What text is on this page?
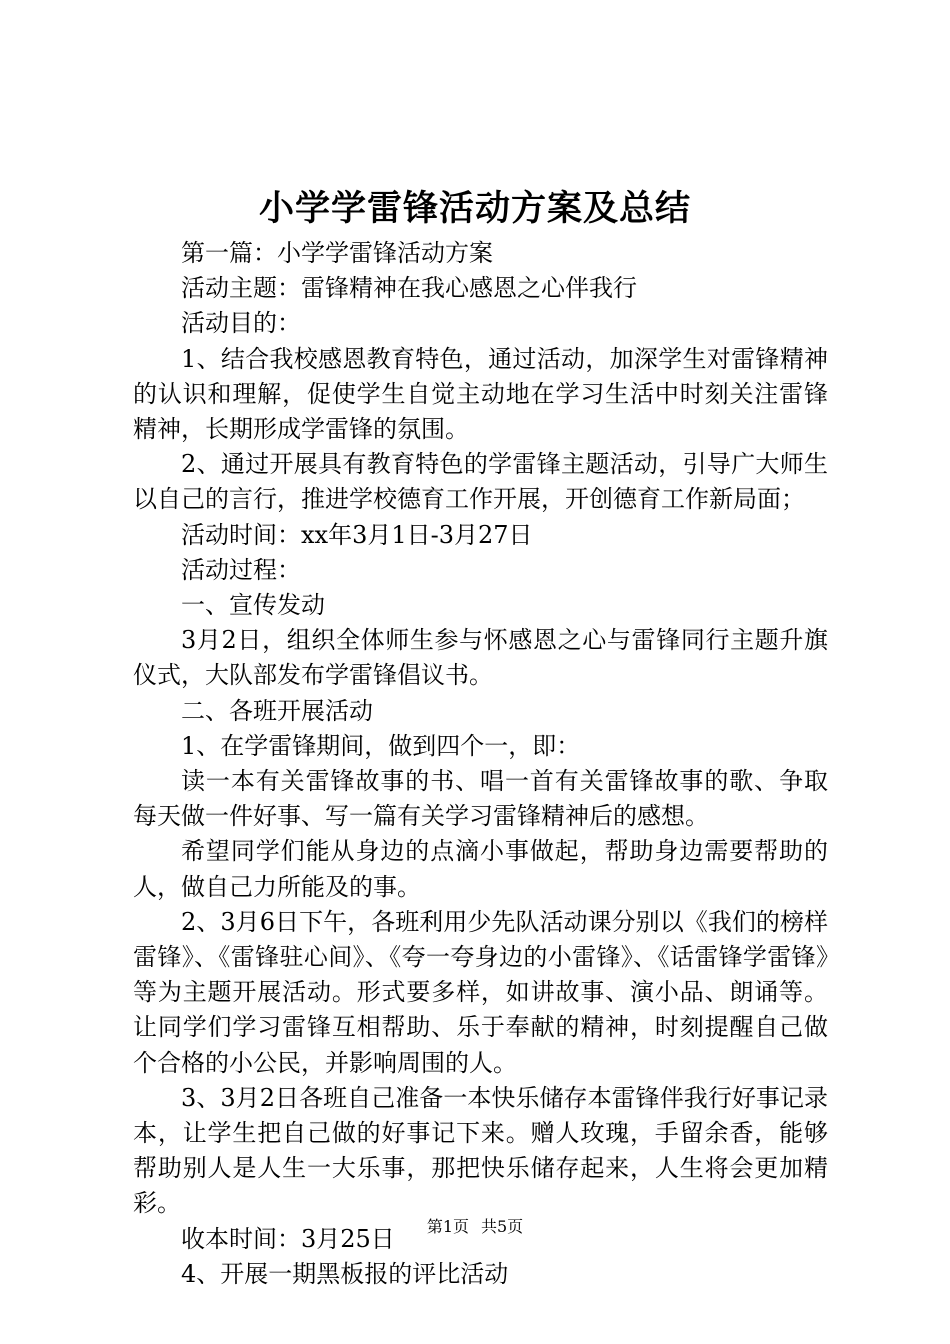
小学学雷锋活动方案及总结

第一篇：小学学雷锋活动方案

活动主题：雷锋精神在我心感恩之心伴我行

活动目的：

1、结合我校感恩教育特色，通过活动，加深学生对雷锋精神的认识和理解，促使学生自觉主动地在学习生活中时刻关注雷锋精神，长期形成学雷锋的氛围。

2、通过开展具有教育特色的学雷锋主题活动，引导广大师生以自己的言行，推进学校德育工作开展，开创德育工作新局面；

活动时间：xx年3月1日-3月27日

活动过程：

一、宣传发动

3月2日，组织全体师生参与怀感恩之心与雷锋同行主题升旗仪式，大队部发布学雷锋倡议书。

二、各班开展活动

1、在学雷锋期间，做到四个一，即：

读一本有关雷锋故事的书、唱一首有关雷锋故事的歌、争取每天做一件好事、写一篇有关学习雷锋精神后的感想。

希望同学们能从身边的点滴小事做起，帮助身边需要帮助的人，做自己力所能及的事。

2、3月6日下午，各班利用少先队活动课分别以《我们的榜样雷锋》、《雷锋驻心间》、《夸一夸身边的小雷锋》、《话雷锋学雷锋》等为主题开展活动。形式要多样，如讲故事、演小品、朗诵等。让同学们学习雷锋互相帮助、乐于奉献的精神，时刻提醒自己做个合格的小公民，并影响周围的人。

3、3月2日各班自己准备一本快乐储存本雷锋伴我行好事记录本，让学生把自己做的好事记下来。赠人玫瑰，手留余香，能够帮助别人是人生一大乐事，那把快乐储存起来，人生将会更加精彩。

收本时间：3月25日

4、开展一期黑板报的评比活动

第1页 共5页
